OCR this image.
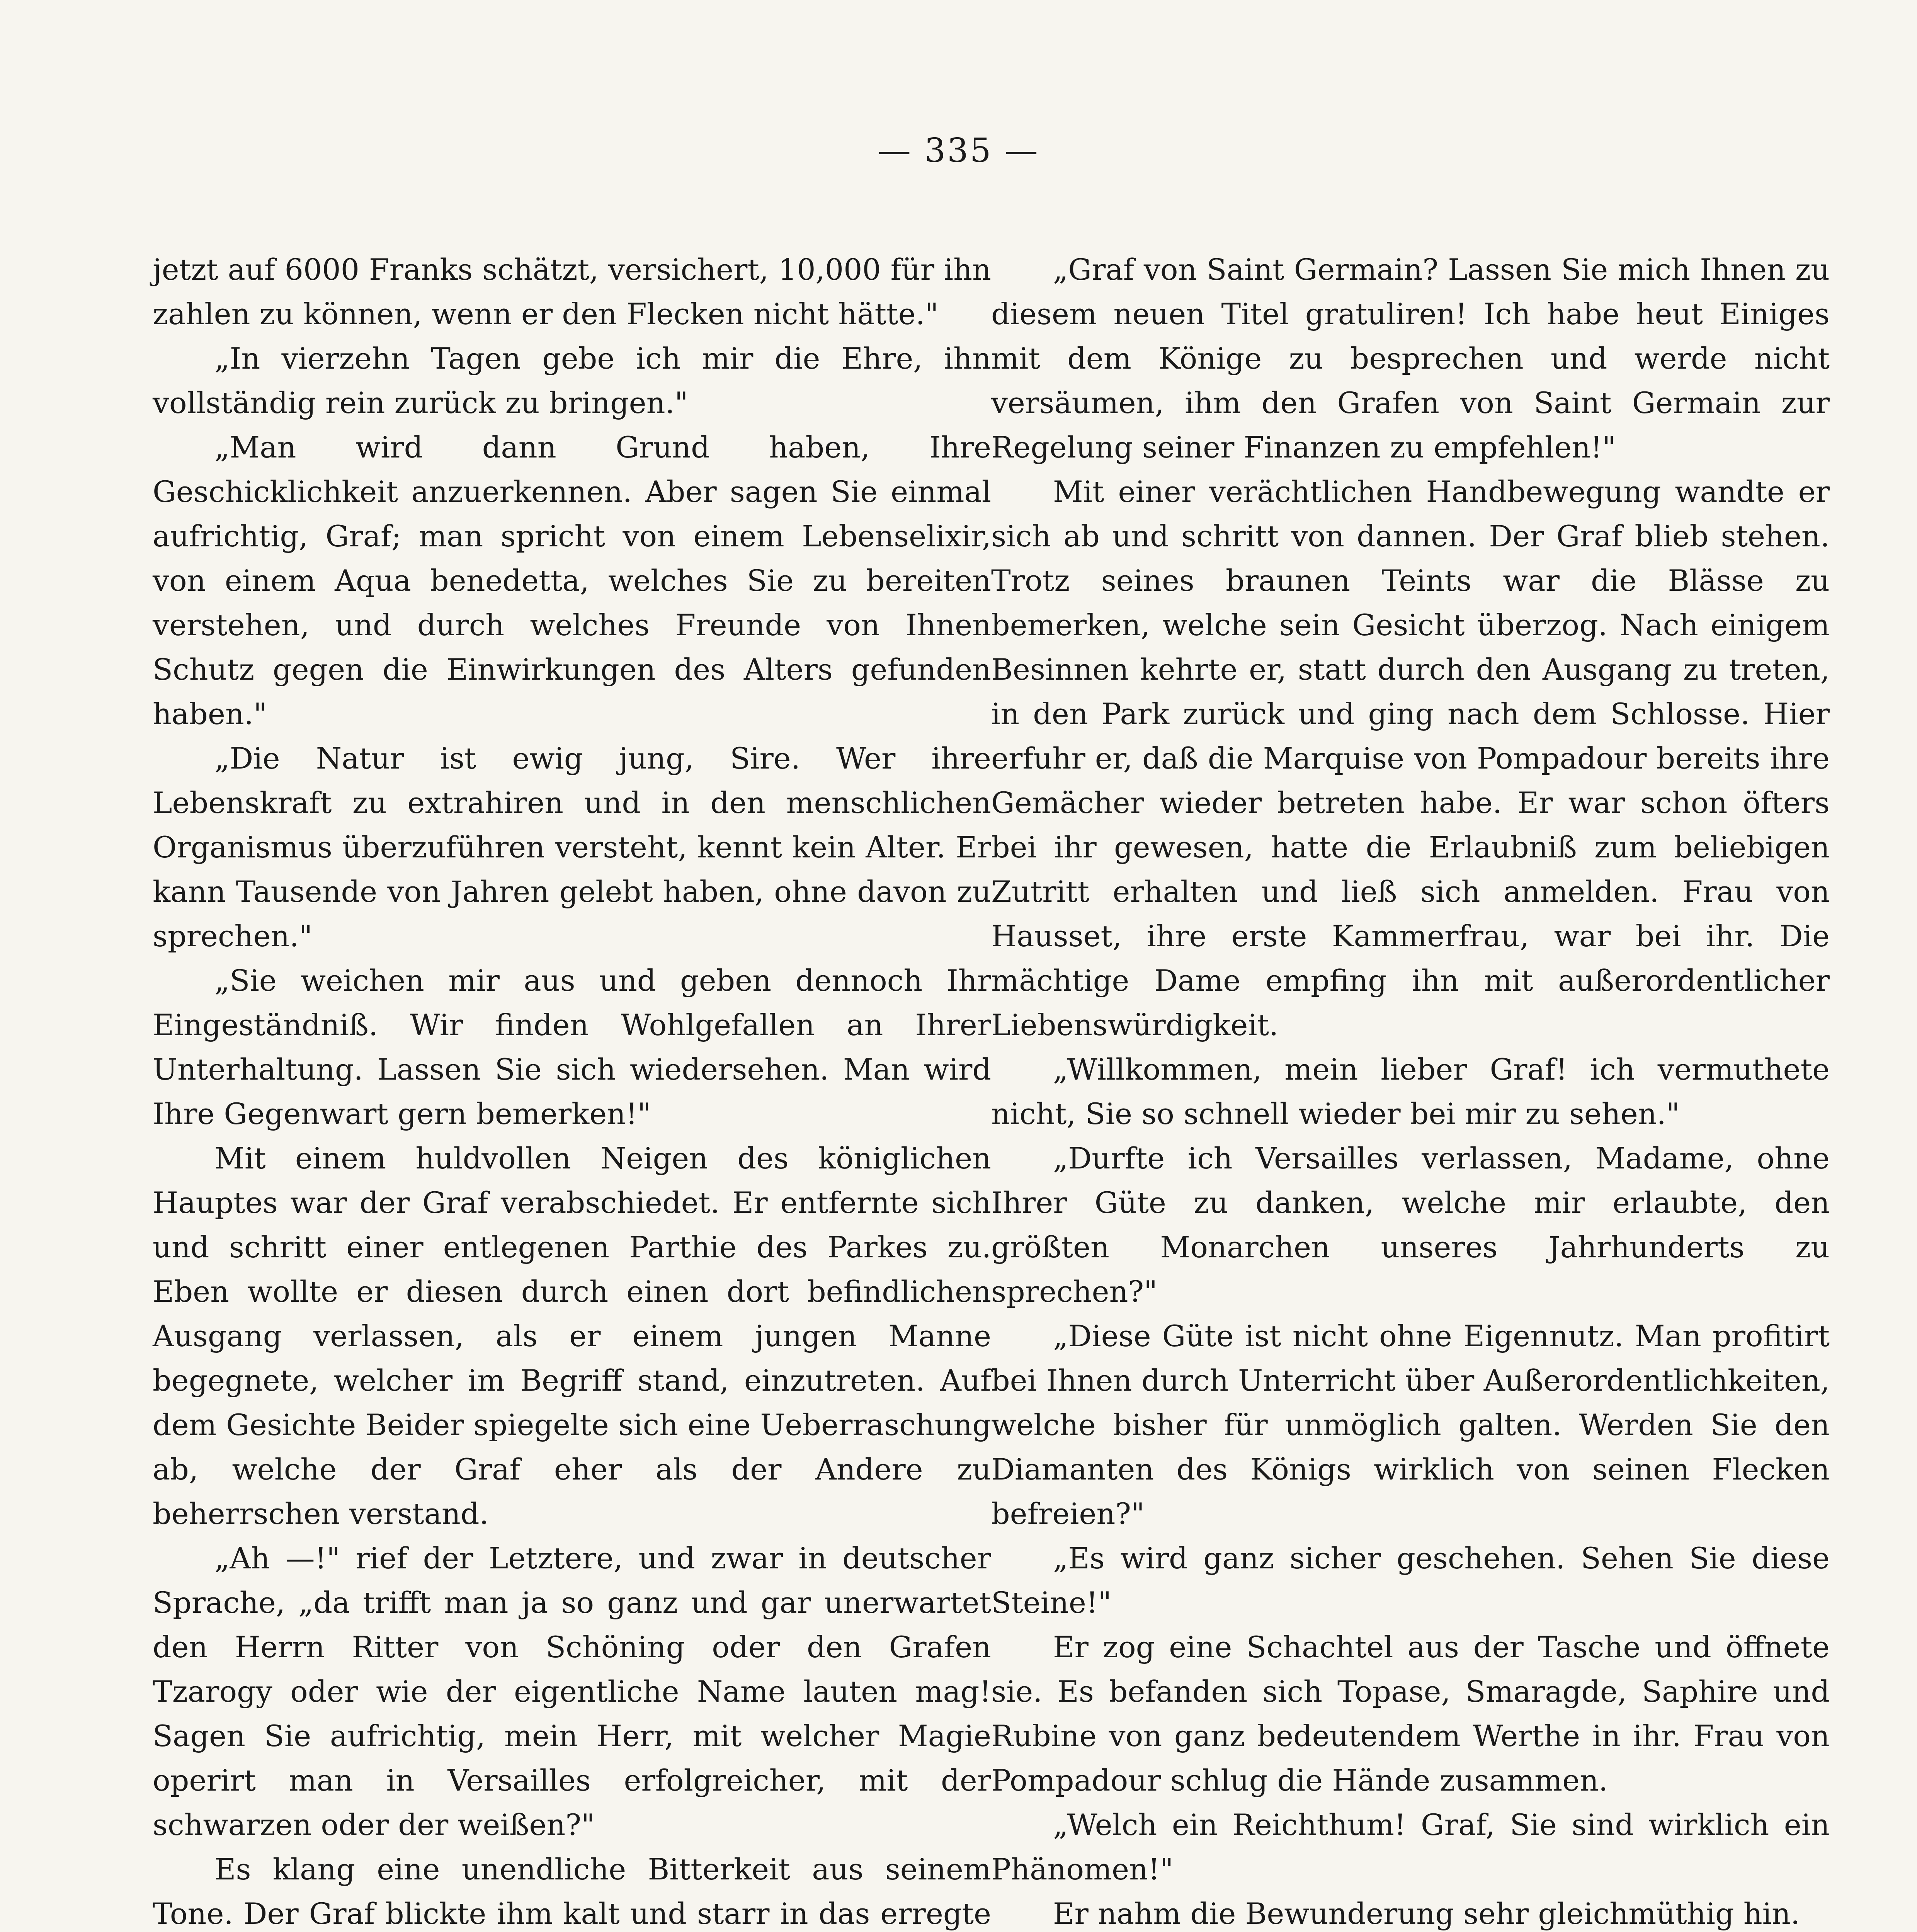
— 335 —

jetzt auf 6000 Franks schätzt, versichert, 10,000 für ihn zahlen zu können, wenn er den Flecken nicht hätte."

„In vierzehn Tagen gebe ich mir die Ehre, ihn vollständig rein zurück zu bringen."

„Man wird dann Grund haben, Ihre Geschicklichkeit anzuerkennen. Aber sagen Sie einmal aufrichtig, Graf; man spricht von einem Lebenselixir, von einem Aqua benedetta, welches Sie zu bereiten verstehen, und durch welches Freunde von Ihnen Schutz gegen die Einwirkungen des Alters gefunden haben."

„Die Natur ist ewig jung, Sire. Wer ihre Lebenskraft zu extrahiren und in den menschlichen Organismus überzuführen versteht, kennt kein Alter. Er kann Tausende von Jahren gelebt haben, ohne davon zu sprechen."

„Sie weichen mir aus und geben dennoch Ihr Eingeständniß. Wir finden Wohlgefallen an Ihrer Unterhaltung. Lassen Sie sich wiedersehen. Man wird Ihre Gegenwart gern bemerken!"

Mit einem huldvollen Neigen des königlichen Hauptes war der Graf verabschiedet. Er entfernte sich und schritt einer entlegenen Parthie des Parkes zu. Eben wollte er diesen durch einen dort befindlichen Ausgang verlassen, als er einem jungen Manne begegnete, welcher im Begriff stand, einzutreten. Auf dem Gesichte Beider spiegelte sich eine Ueberraschung ab, welche der Graf eher als der Andere zu beherrschen verstand.

„Ah —!" rief der Letztere, und zwar in deutscher Sprache, „da trifft man ja so ganz und gar unerwartet den Herrn Ritter von Schöning oder den Grafen Tzarogy oder wie der eigentliche Name lauten mag! Sagen Sie aufrichtig, mein Herr, mit welcher Magie operirt man in Versailles erfolgreicher, mit der schwarzen oder der weißen?"

Es klang eine unendliche Bitterkeit aus seinem Tone. Der Graf blickte ihm kalt und starr in das erregte

„Graf von Saint Germain? Lassen Sie mich Ihnen zu diesem neuen Titel gratuliren! Ich habe heut Einiges mit dem Könige zu besprechen und werde nicht versäumen, ihm den Grafen von Saint Germain zur Regelung seiner Finanzen zu empfehlen!"

Mit einer verächtlichen Handbewegung wandte er sich ab und schritt von dannen. Der Graf blieb stehen. Trotz seines braunen Teints war die Blässe zu bemerken, welche sein Gesicht überzog. Nach einigem Besinnen kehrte er, statt durch den Ausgang zu treten, in den Park zurück und ging nach dem Schlosse. Hier erfuhr er, daß die Marquise von Pompadour bereits ihre Gemächer wieder betreten habe. Er war schon öfters bei ihr gewesen, hatte die Erlaubniß zum beliebigen Zutritt erhalten und ließ sich anmelden. Frau von Hausset, ihre erste Kammerfrau, war bei ihr. Die mächtige Dame empfing ihn mit außerordentlicher Liebenswürdigkeit.

„Willkommen, mein lieber Graf! ich vermuthete nicht, Sie so schnell wieder bei mir zu sehen."

„Durfte ich Versailles verlassen, Madame, ohne Ihrer Güte zu danken, welche mir erlaubte, den größten Monarchen unseres Jahrhunderts zu sprechen?"

„Diese Güte ist nicht ohne Eigennutz. Man profitirt bei Ihnen durch Unterricht über Außerordentlichkeiten, welche bisher für unmöglich galten. Werden Sie den Diamanten des Königs wirklich von seinen Flecken befreien?"

„Es wird ganz sicher geschehen. Sehen Sie diese Steine!"

Er zog eine Schachtel aus der Tasche und öffnete sie. Es befanden sich Topase, Smaragde, Saphire und Rubine von ganz bedeutendem Werthe in ihr. Frau von Pompadour schlug die Hände zusammen.

„Welch ein Reichthum! Graf, Sie sind wirklich ein Phänomen!"

Er nahm die Bewunderung sehr gleichmüthig hin.
